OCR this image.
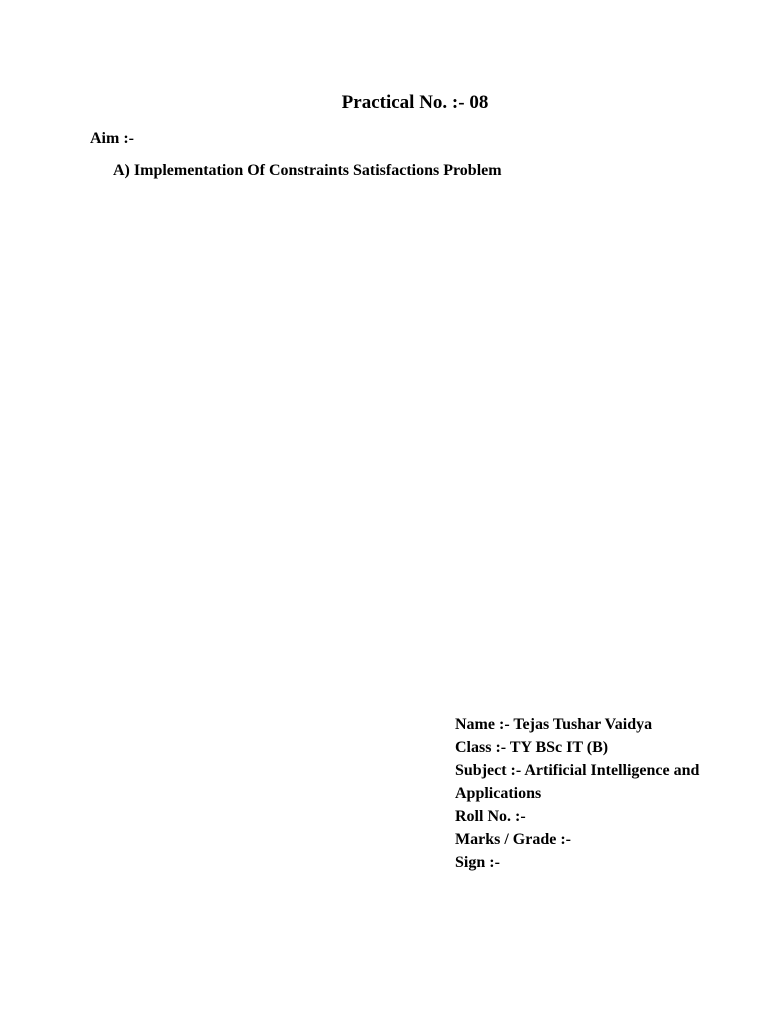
Practical No. :- 08
Aim :-
A) Implementation Of Constraints Satisfactions Problem
Name :- Tejas Tushar Vaidya
Class :- TY BSc IT (B)
Subject :- Artificial Intelligence and Applications
Roll No. :-
Marks / Grade :-
Sign :-
